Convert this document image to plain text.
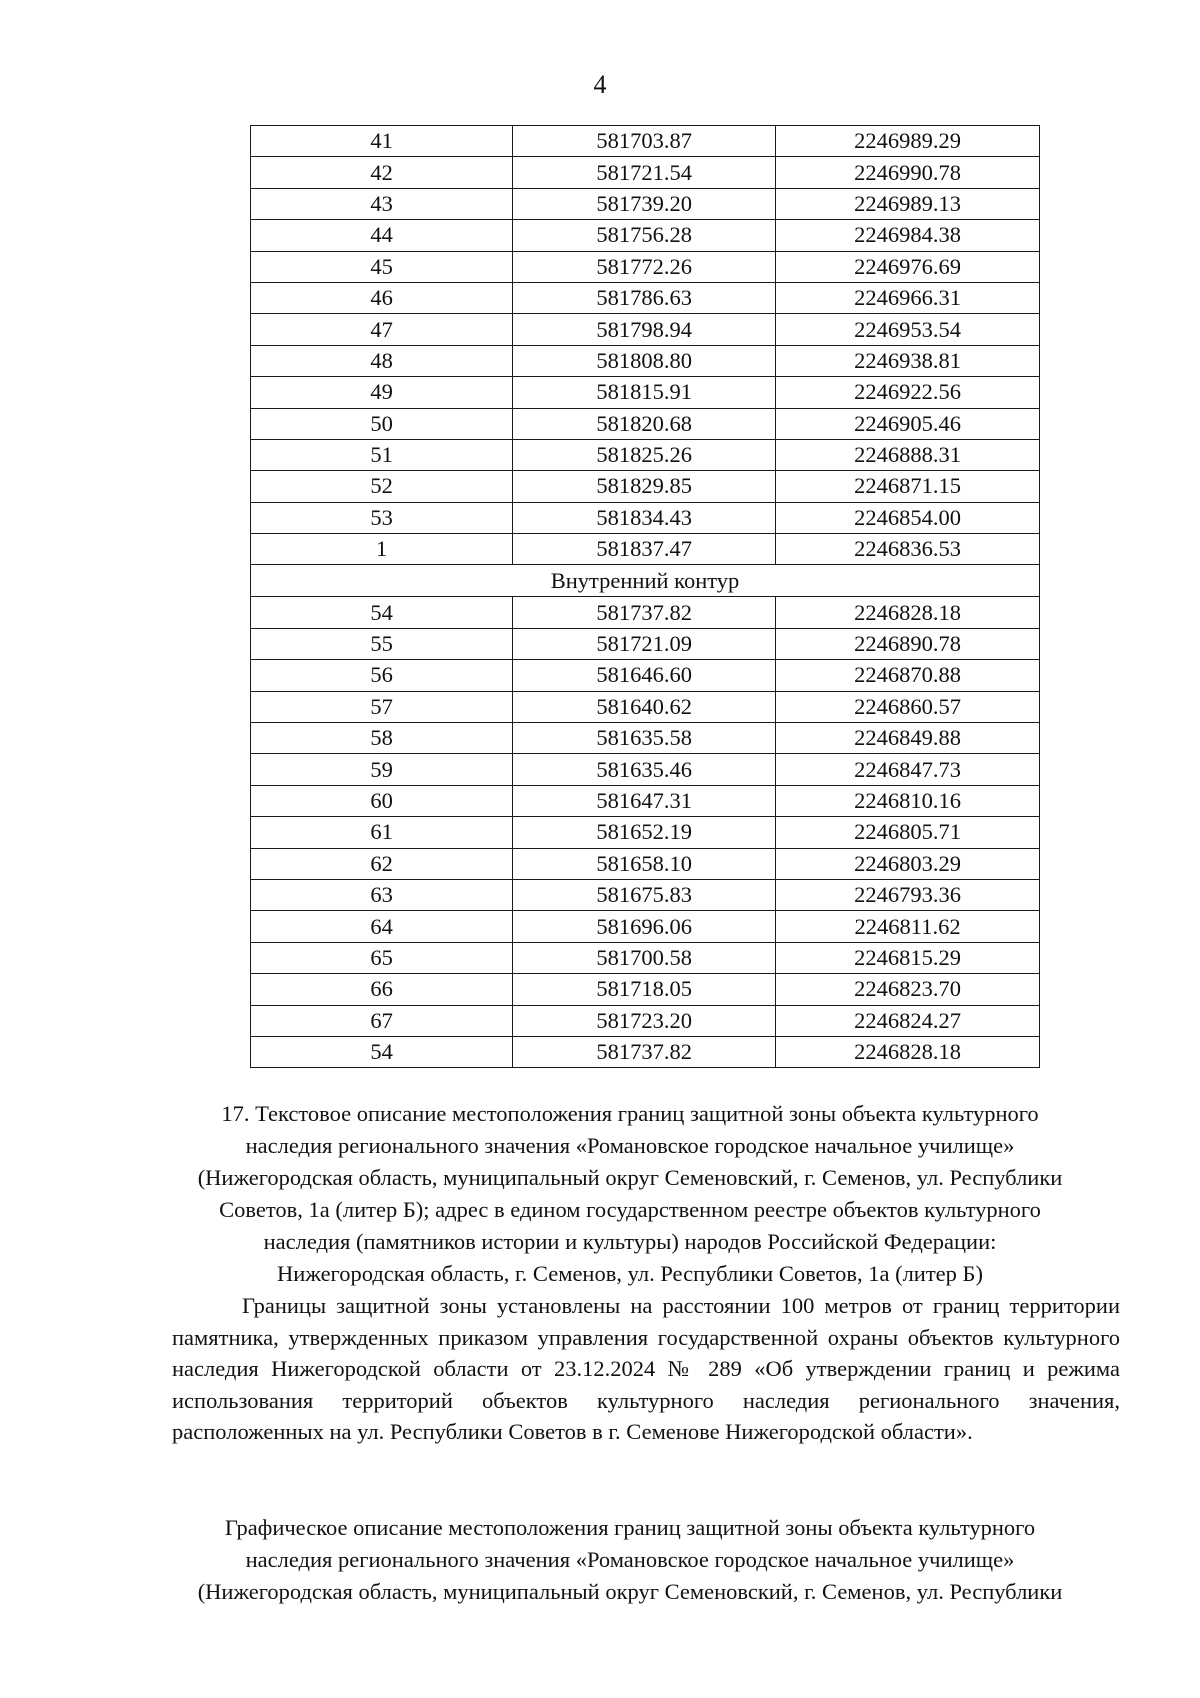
4
41	581703.87	2246989.29
42	581721.54	2246990.78
43	581739.20	2246989.13
44	581756.28	2246984.38
45	581772.26	2246976.69
46	581786.63	2246966.31
47	581798.94	2246953.54
48	581808.80	2246938.81
49	581815.91	2246922.56
50	581820.68	2246905.46
51	581825.26	2246888.31
52	581829.85	2246871.15
53	581834.43	2246854.00
1	581837.47	2246836.53
Внутренний контур		
54	581737.82	2246828.18
55	581721.09	2246890.78
56	581646.60	2246870.88
57	581640.62	2246860.57
58	581635.58	2246849.88
59	581635.46	2246847.73
60	581647.31	2246810.16
61	581652.19	2246805.71
62	581658.10	2246803.29
63	581675.83	2246793.36
64	581696.06	2246811.62
65	581700.58	2246815.29
66	581718.05	2246823.70
67	581723.20	2246824.27
54	581737.82	2246828.18
17. Текстовое описание местоположения границ защитной зоны объекта культурного
наследия регионального значения «Романовское городское начальное училище»
(Нижегородская область, муниципальный округ Семеновский, г. Семенов, ул. Республики
Советов, 1а (литер Б); адрес в едином государственном реестре объектов культурного
наследия (памятников истории и культуры) народов Российской Федерации:
Нижегородская область, г. Семенов, ул. Республики Советов, 1а (литер Б)
Границы защитной зоны установлены на расстоянии 100 метров от границ территории памятника, утвержденных приказом управления государственной охраны объектов культурного наследия Нижегородской области от 23.12.2024 № 289 «Об утверждении границ и режима использования территорий объектов культурного наследия регионального значения, расположенных на ул. Республики Советов в г. Семенове Нижегородской области».
Графическое описание местоположения границ защитной зоны объекта культурного
наследия регионального значения «Романовское городское начальное училище»
(Нижегородская область, муниципальный округ Семеновский, г. Семенов, ул. Республики
